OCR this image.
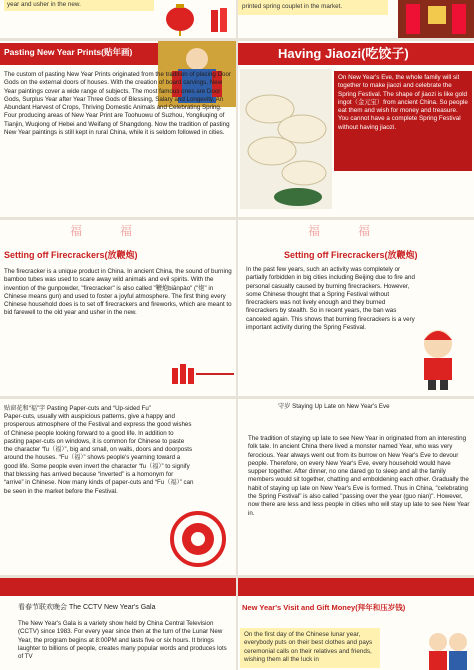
year and usher in the new.	printed spring couplet in the market.
Pasting New Year Prints(贴年画)
The custom of pasting New Year Prints originated from the tradition of placing Door Gods on the external doors of houses. With the creation of board carvings, New Year paintings cover a wide range of subjects. The most famous ones are Door Gods, Surplus Year after Year Three Gods of Blessing, Salary and Longevity, An Abundant Harvest of Crops, Thriving Domestic Animals and Celebrating Spring. Four producing areas of New Year Print are Toohuowu of Suzhou, Yongliuqing of Tianjin, Wuqiong of Hebei and Weifang of Shangdong. Now the tradition of pasting New Year paintings is still kept in rural China, while it is seldom followed in cities.
Having Jiaozi(吃饺子)
On New Year's Eve, the whole family will sit together to make jiaozi and celebrate the Spring Festival. The shape of jiaozi is like gold ingot（金元宝）from ancient China. So people eat them and wish for money and treasure. You cannot have a complete Spring Festival without having jiaozi.
福	福
Setting off Firecrackers(放鞭炮)
The firecracker is a unique product in China. In ancient China, the sound of burning bamboo tubes was used to scare away wild animals and evil spirits. With the invention of the gunpowder, "firecracker" is also called "鞭炮biānpào" ("炮" in Chinese means gun) and used to foster a joyful atmosphere. The first thing every Chinese household does is to set off firecrackers and fireworks, which are meant to bid farewell to the old year and usher in the new.
福	福
Setting off Firecrackers(放鞭炮)
In the past few years, such an activity was completely or partially forbidden in big cities including Beijing due to fire and personal casualty caused by burning firecrackers. However, some Chinese thought that a Spring Festival without firecrackers was not lively enough and they burned firecrackers by stealth. So in recent years, the ban was canceled again. This shows that burning firecrackers is a very important activity during the Spring Festival.
贴窗花和“福”字 Pasting Paper-cuts and “Up-sided Fu”
Paper-cuts, usually with auspicious patterns, give a happy and prosperous atmosphere of the Festival and express the good wishes of Chinese people looking forward to a good life. In addition to pasting paper-cuts on windows, it is common for Chinese to paste the character “fu（福）”, big and small, on walls, doors and doorposts around the houses. “Fu（福）” shows people's yearning toward a good life. Some people even invert the character “fu（福）” to signify that blessing has arrived because “inverted” is a homonym for “arrive” in Chinese. Now many kinds of paper-cuts and “Fu（福）” can be seen in the market before the Festival.
守岁 Staying Up Late on New Year's Eve
The tradition of staying up late to see New Year in originated from an interesting folk tale. In ancient China there lived a monster named Year, who was very ferocious. Year always went out from its burrow on New Year's Eve to devour people. Therefore, on every New Year's Eve, every household would have supper together. After dinner, no one dared go to sleep and all the family members would sit together, chatting and emboldening each other. Gradually the habit of staying up late on New Year's Eve is formed. Thus in China, "celebrating the Spring Festival" is also called "passing over the year (guo nian)". However, now there are less and less people in cities who will stay up late to see New Year in.
看春节联欢晚会 The CCTV New Year's Gala
The New Year's Gala is a variety show held by China Central Television (CCTV) since 1983. For every year since then at the turn of the Lunar New Year, the program begins at 8:00PM and lasts five or six hours. It brings laughter to billions of people, creates many popular words and produces lots of TV
New Year's Visit and Gift Money(拜年和压岁钱)
On the first day of the Chinese lunar year, everybody puts on their best clothes and pays ceremonial calls on their relatives and friends, wishing them all the luck in
